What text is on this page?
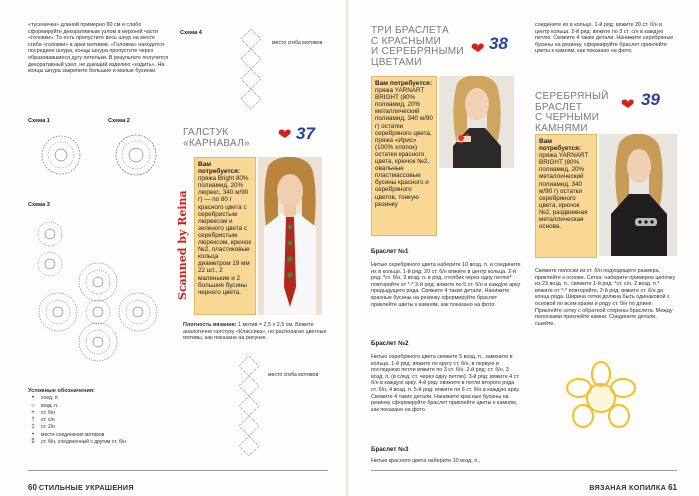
«тусеничка» длиной примерно 60 см и слабо сформируйте декоративным узлом в верхней части «головки». То есть пропустите весь шнур на месте сгиба «головки» в арки мотивов. «Головка» находится посредине шнура, концы шнура пропустите через образовавшиеся дугу петельки. В результате получится декоративный узел, не дающий изделию «ездить». На концы шнура закрепите большие и малые бусинки.
Схема 1	Схема 2
Схема 3
Схема 4
Условные обозначения:
•	соед. п.
○	возд. п.
+	ст. б/н
†	ст. с/н
‡	ст. 2/н
•	место соединения мотивов
⁑	ст. б/н, соединенный с другим ст. б/н
место сгиба мотивов
ГАЛСТУК
«КАРНАВАЛ»	37
Scanned by Reina
Вам потребуется:
пряжа Bright 80% полиамид, 20% люрекс, 340 м/90 г) — по 80 г красного цвета с серебристым люрексом и зеленого цвета с серебристым люрексом, крючок №2, пластиковые кольца диаметром 19 мм 22 шт., 2 маленькие и 2 большие бусины черного цвета.
Плотность вязания: 1 мотив = 2,5 х 2,5 см. Вяжите аналогично галстуку «Классика», но располагая цветные мотивы, как показано на рисунке.
место сгиба мотивов
60 СТИЛЬНЫЕ УКРАШЕНИЯ
ТРИ БРАСЛЕТА
С КРАСНЫМИ
И СЕРЕБРЯНЫМИ
ЦВЕТАМИ
38
Вам потребуется:
пряжа YARNART BRIGHT (80% полиамид, 20% металлический полиамид, 340 м/90 г) остатки серебряного цвета, пряжа «Ирис» (100% хлопок) остатки красного цвета, крючок №2, овальные пластмассовые бусины красного и серебряного цветов, тонкую резинку
Браслет №1
Нитью серебряного цвета наберите 10 возд. п. и соедините их в кольцо. 1-й ряд: 20 ст. б/н вяжите в центр кольца. 2-й ряд: *ст. б/н, 3 возд. п. в ряд, столбик через одну петлю* повторяйте от *-* 3-й ряд: вяжите по 5 ст. б/н в каждую арку предыдущего ряда. Свяжите 4 таких детали. Нанижите красные бусины на резинку сформируйте браслет приклейте цветы к камням, как показано на фото.
Браслет №2
Нитью серебряного цвета свяжите 5 возд. п., замкните в кольцо. 1-й ряд: вяжите по кругу ст. б/н, в первую и последнюю петли вяжите по 3 ст. б/н. 2-й ряд: ст. б/н, 3 возд. п. (в след. ст. через одну петлю). 3-й ряд: вяжите 4 ст. б/н в каждую арку. 4-й ряд: свяжите в петли второго ряда ст. б/н, 4 возд. п. 5-й ряд: вяжите по 6 ст. б/н в каждую арку. Свяжите 4 таких детали. Нанижите красные бусины на резинку сформируйте браслет приклейте цветы к камням, как показано на фото.
Браслет №3
Нитью красного цвета наберите 10 возд. п.,
соедините их в кольцо. 1-й ряд: вяжите 20 ст. б/н в центр кольца. 2-й ряд: вяжите по 3 ст. с/н в каждую петлю. Свяжите 4 таких детали. Нанижите серебряные бусины на резинку, сформируйте браслет приклейте цветы к камням, как показано на фото.
СЕРЕБРЯНЫЙ
БРАСЛЕТ
С ЧЕРНЫМИ
КАМНЯМИ
39
Вам потребуется:
пряжа YARNART BRIGHT (80% полиамид, 20% металлический полиамид, 340 м/90 г) остатки серебряного цвета, крючок №2, раздвижная металлическая основа.
Свяжите полоски из ст. б/н подходящего размера, приклейте к основе. Сетка: наберите примерно цепочку из 23 возд. п., свяжите 1-й ряд: *ст. с/н, 2 возд. п.* вяжите от *-* повторяйте, 2-й ряд: вяжите ст. б/н до конца ряда. Ширина сетки должна быть одинаковой с основой по всем краям и ряду ст. б/н по длине. Приклейте сетку с обратной стороны браслета. Между полосками приклейте камни. Соедините детали, сшейте.
ВЯЗАНАЯ КОПИЛКА 61
